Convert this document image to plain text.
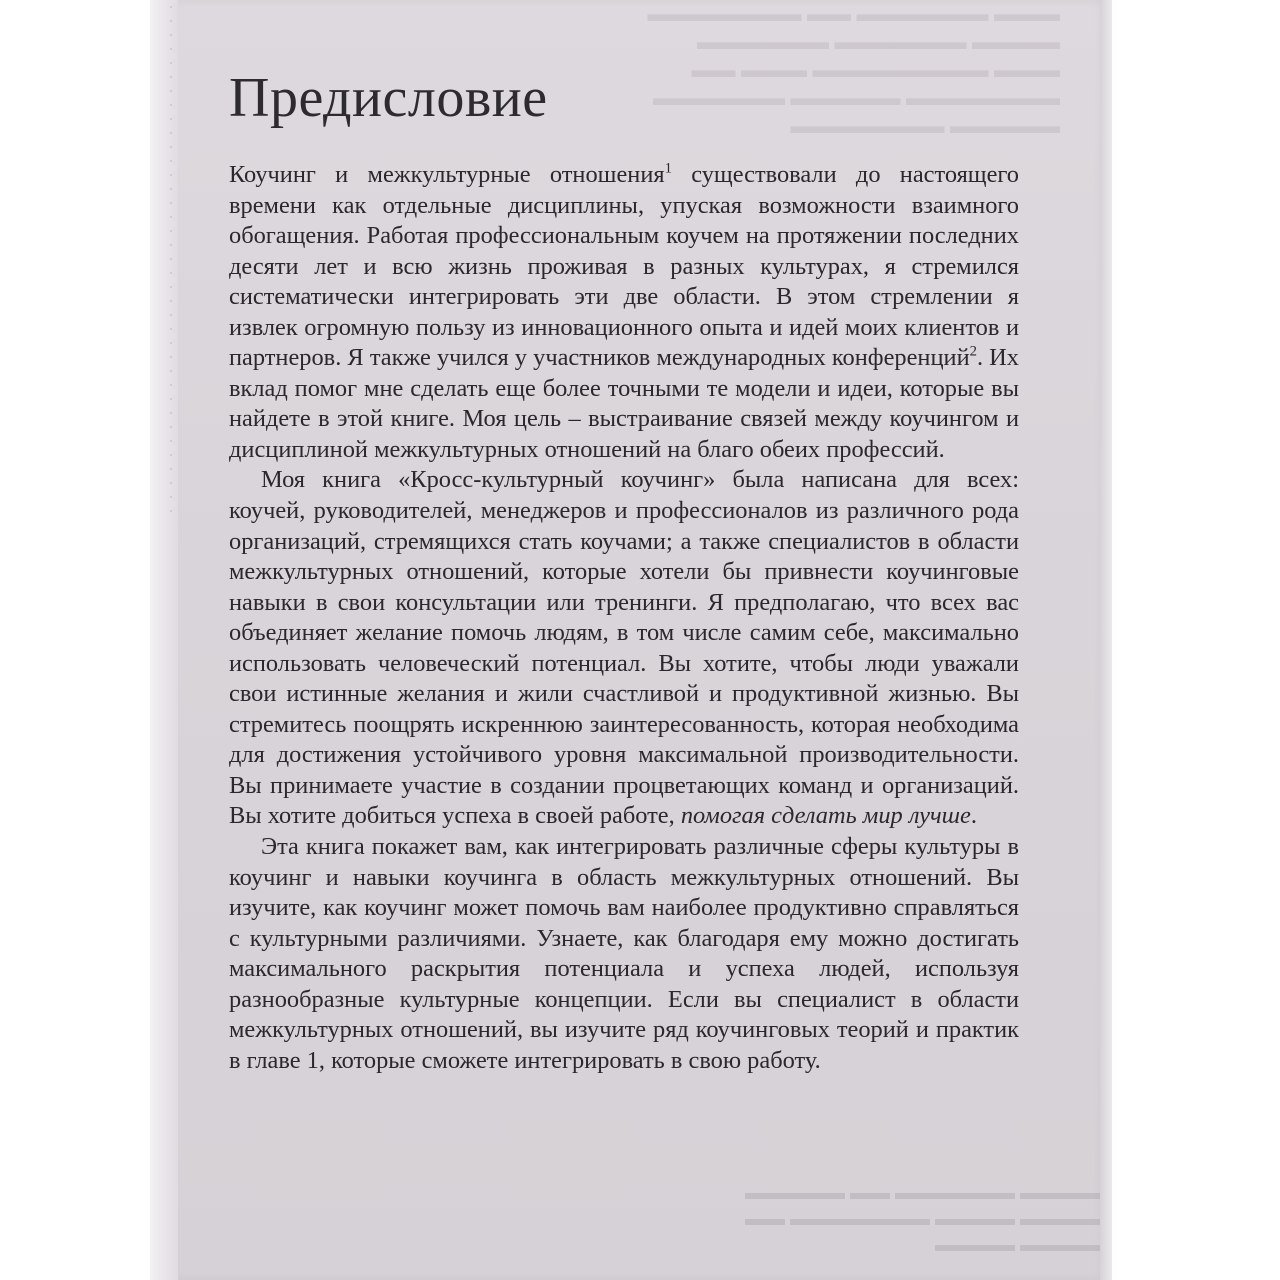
▬▬▬ ▬▬▬▬▬▬ ▬▬ ▬▬▬▬▬▬▬ ▬▬▬▬ ▬▬▬▬▬▬ ▬▬▬▬▬▬ ▬▬▬ ▬▬▬▬▬▬▬▬ ▬▬▬ ▬▬ ▬▬▬▬▬▬▬ ▬▬▬▬▬ ▬▬▬▬▬▬ ▬▬▬▬▬ ▬▬▬▬▬▬▬
▬▬▬▬ ▬▬▬▬▬▬ ▬▬ ▬▬▬▬▬ ▬▬▬▬ ▬▬▬▬ ▬▬▬▬▬▬▬ ▬▬ ▬▬▬▬ ▬▬▬▬
Предисловие

Коучинг и межкультурные отношения$^1$ существовали до настоящего времени как отдельные дисциплины, упуская возможности взаимного обогащения. Работая профессиональным коучем на протяжении последних десяти лет и всю жизнь проживая в разных культурах, я стремился систематически интегрировать эти две области. В этом стремлении я извлек огромную пользу из инновационного опыта и идей моих клиентов и партнеров. Я также учился у участников международных конференций$^2$. Их вклад помог мне сделать еще более точными те модели и идеи, которые вы найдете в этой книге. Моя цель – выстраивание связей между коучингом и дисциплиной межкультурных отношений на благо обеих профессий.

Моя книга «Кросс-культурный коучинг» была написана для всех: коучей, руководителей, менеджеров и профессионалов из различного рода организаций, стремящихся стать коучами; а также специалистов в области межкультурных отношений, которые хотели бы привнести коучинговые навыки в свои консультации или тренинги. Я предполагаю, что всех вас объединяет желание помочь людям, в том числе самим себе, максимально использовать человеческий потенциал. Вы хотите, чтобы люди уважали свои истинные желания и жили счастливой и продуктивной жизнью. Вы стремитесь поощрять искреннюю заинтересованность, которая необходима для достижения устойчивого уровня максимальной производительности. Вы принимаете участие в создании процветающих команд и организаций. Вы хотите добиться успеха в своей работе, помогая сделать мир лучше.

Эта книга покажет вам, как интегрировать различные сферы культуры в коучинг и навыки коучинга в область межкультурных отношений. Вы изучите, как коучинг может помочь вам наиболее продуктивно справляться с культурными различиями. Узнаете, как благодаря ему можно достигать максимального раскрытия потенциала и успеха людей, используя разнообразные культурные концепции. Если вы специалист в области межкультурных отношений, вы изучите ряд коучинговых теорий и практик в главе 1, которые сможете интегрировать в свою работу.
